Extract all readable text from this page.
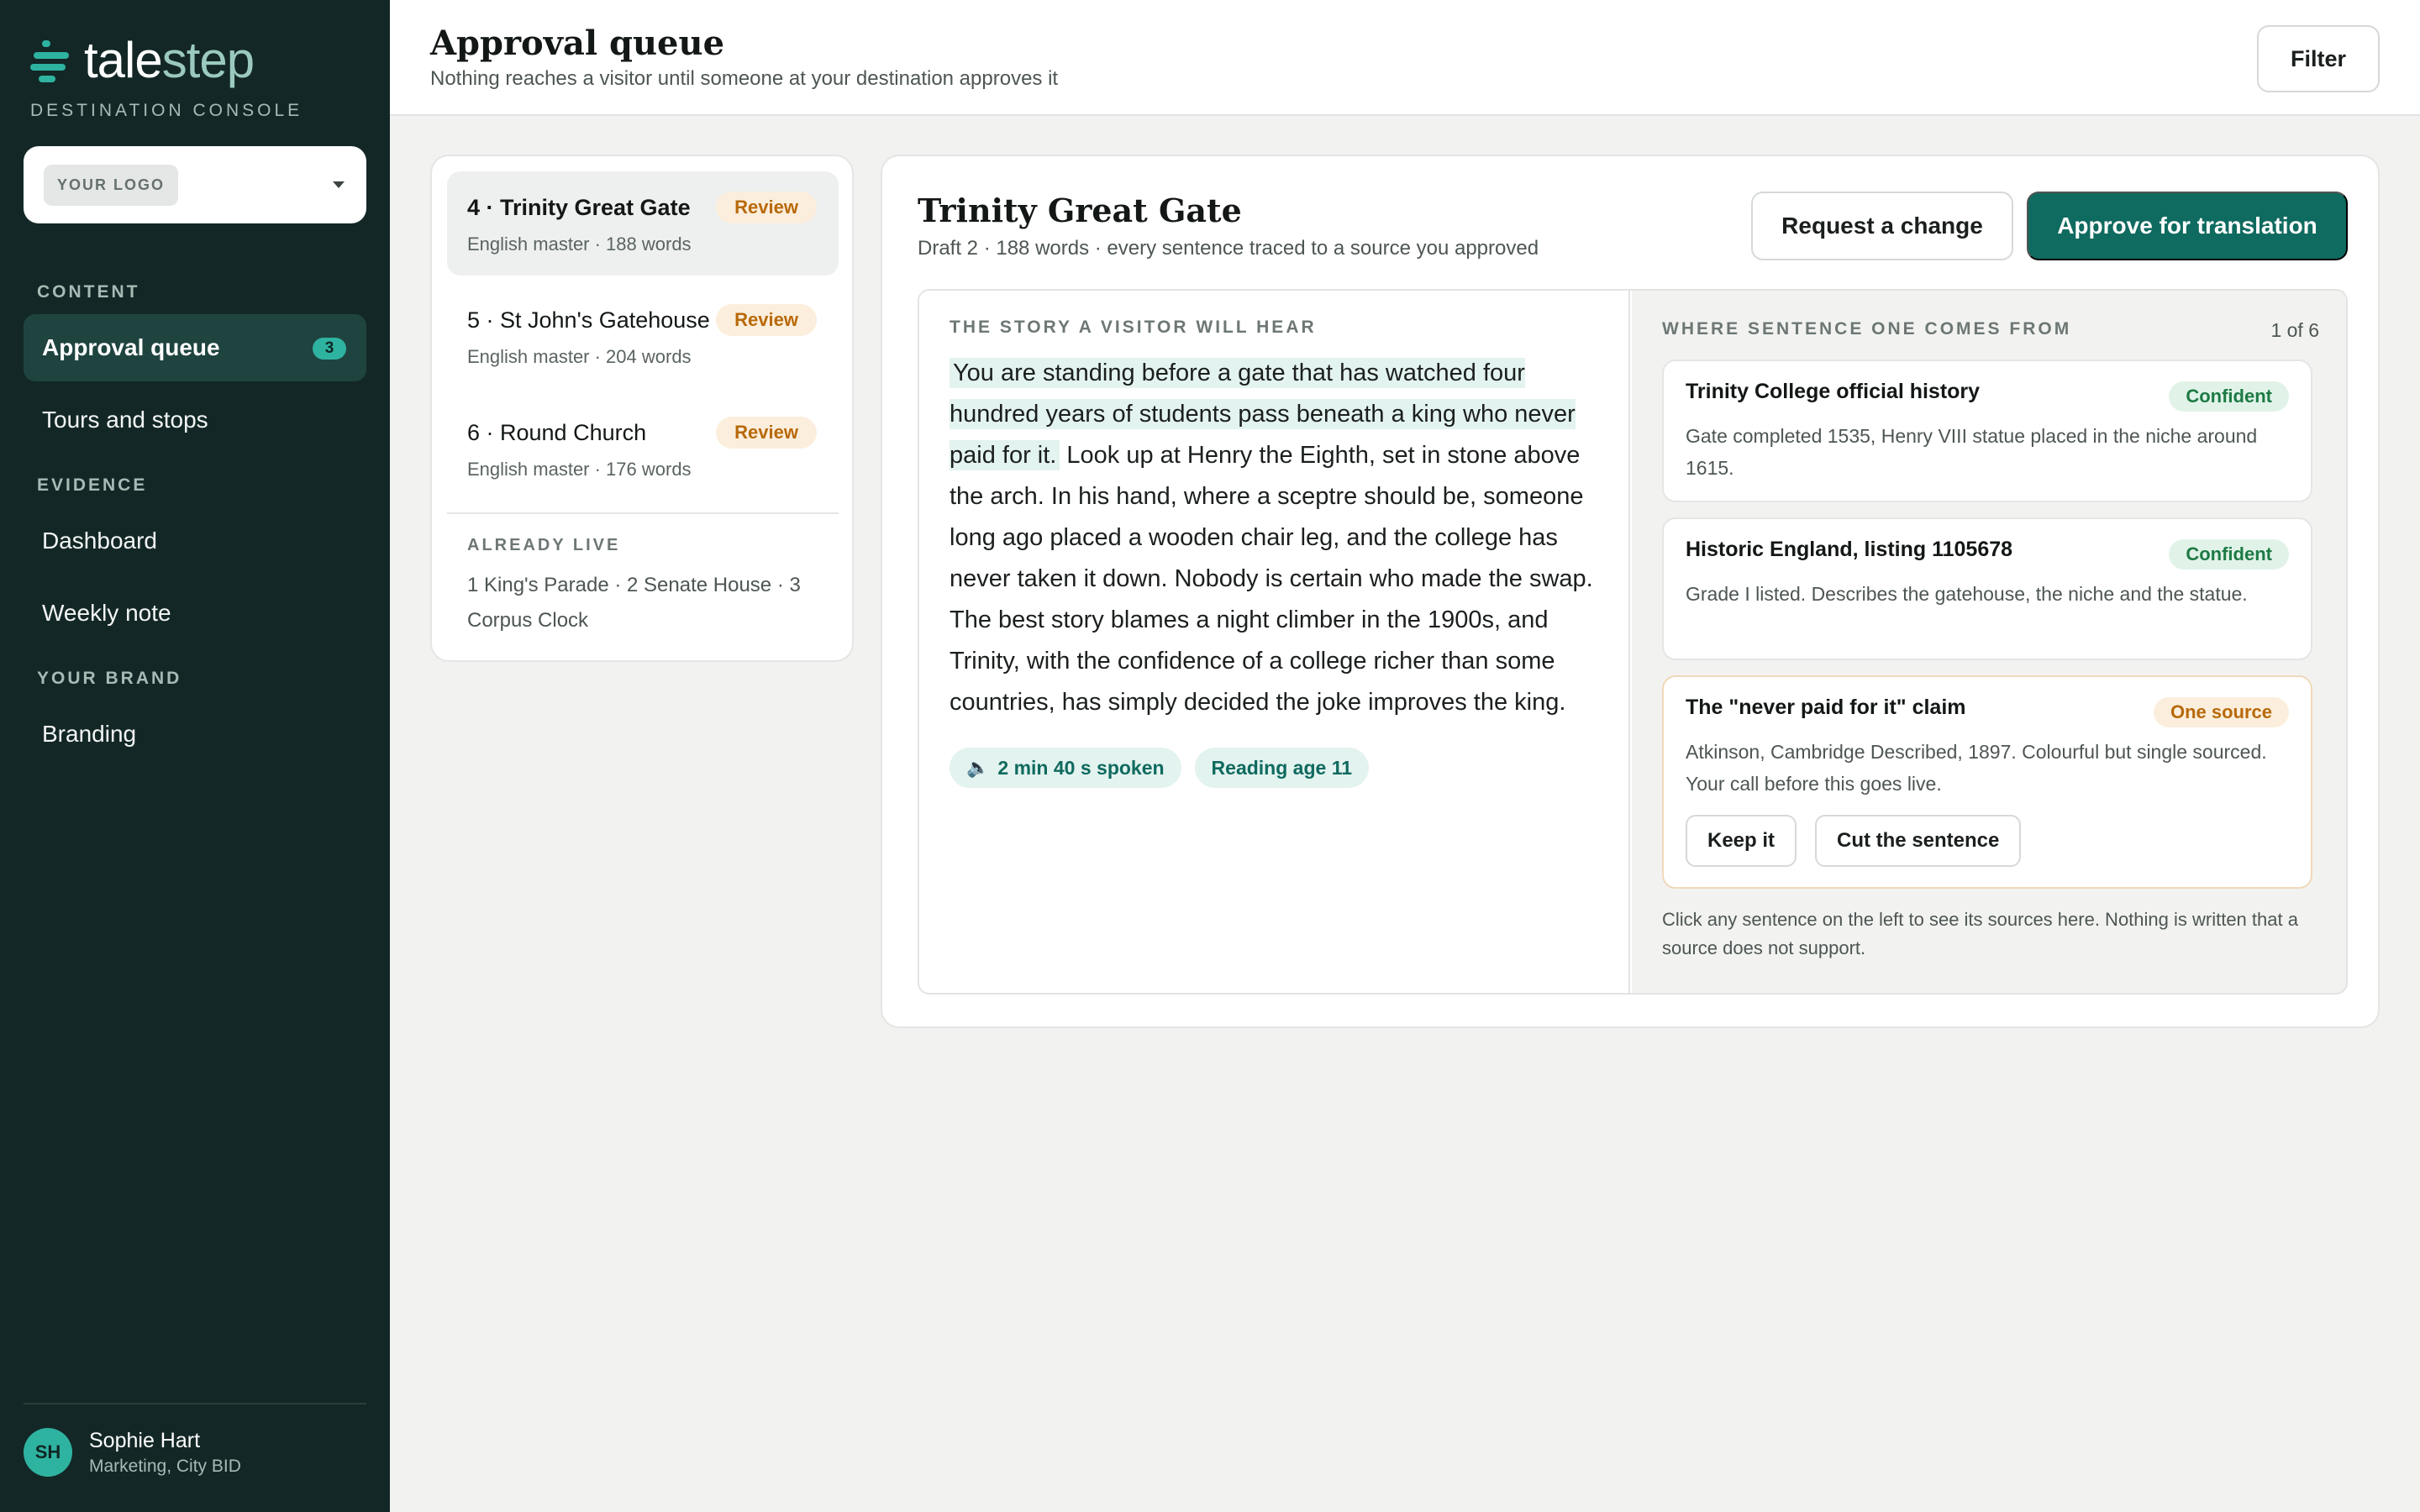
talestep
DESTINATION CONSOLE
YOUR LOGO
CONTENT
Approval queue	3
Tours and stops
EVIDENCE
Dashboard
Weekly note
YOUR BRAND
Branding
SH	Sophie Hart
Marketing, City BID
Approval queue
Nothing reaches a visitor until someone at your destination approves it
Filter
4 · Trinity Great Gate
English master · 188 words
Review
5 · St John's Gatehouse
English master · 204 words
Review
6 · Round Church
English master · 176 words
Review
ALREADY LIVE
1 King's Parade · 2 Senate House · 3 Corpus Clock
Trinity Great Gate
Draft 2 · 188 words · every sentence traced to a source you approved
Request a change	Approve for translation
THE STORY A VISITOR WILL HEAR
You are standing before a gate that has watched four hundred years of students pass beneath a king who never paid for it. Look up at Henry the Eighth, set in stone above the arch. In his hand, where a sceptre should be, someone long ago placed a wooden chair leg, and the college has never taken it down. Nobody is certain who made the swap. The best story blames a night climber in the 1900s, and Trinity, with the confidence of a college richer than some countries, has simply decided the joke improves the king.
🔈 2 min 40 s spoken	Reading age 11
WHERE SENTENCE ONE COMES FROM	1 of 6
Trinity College official history	Confident
Gate completed 1535, Henry VIII statue placed in the niche around 1615.
Historic England, listing 1105678	Confident
Grade I listed. Describes the gatehouse, the niche and the statue.
The "never paid for it" claim	One source
Atkinson, Cambridge Described, 1897. Colourful but single sourced. Your call before this goes live.
Keep it	Cut the sentence
Click any sentence on the left to see its sources here. Nothing is written that a source does not support.
